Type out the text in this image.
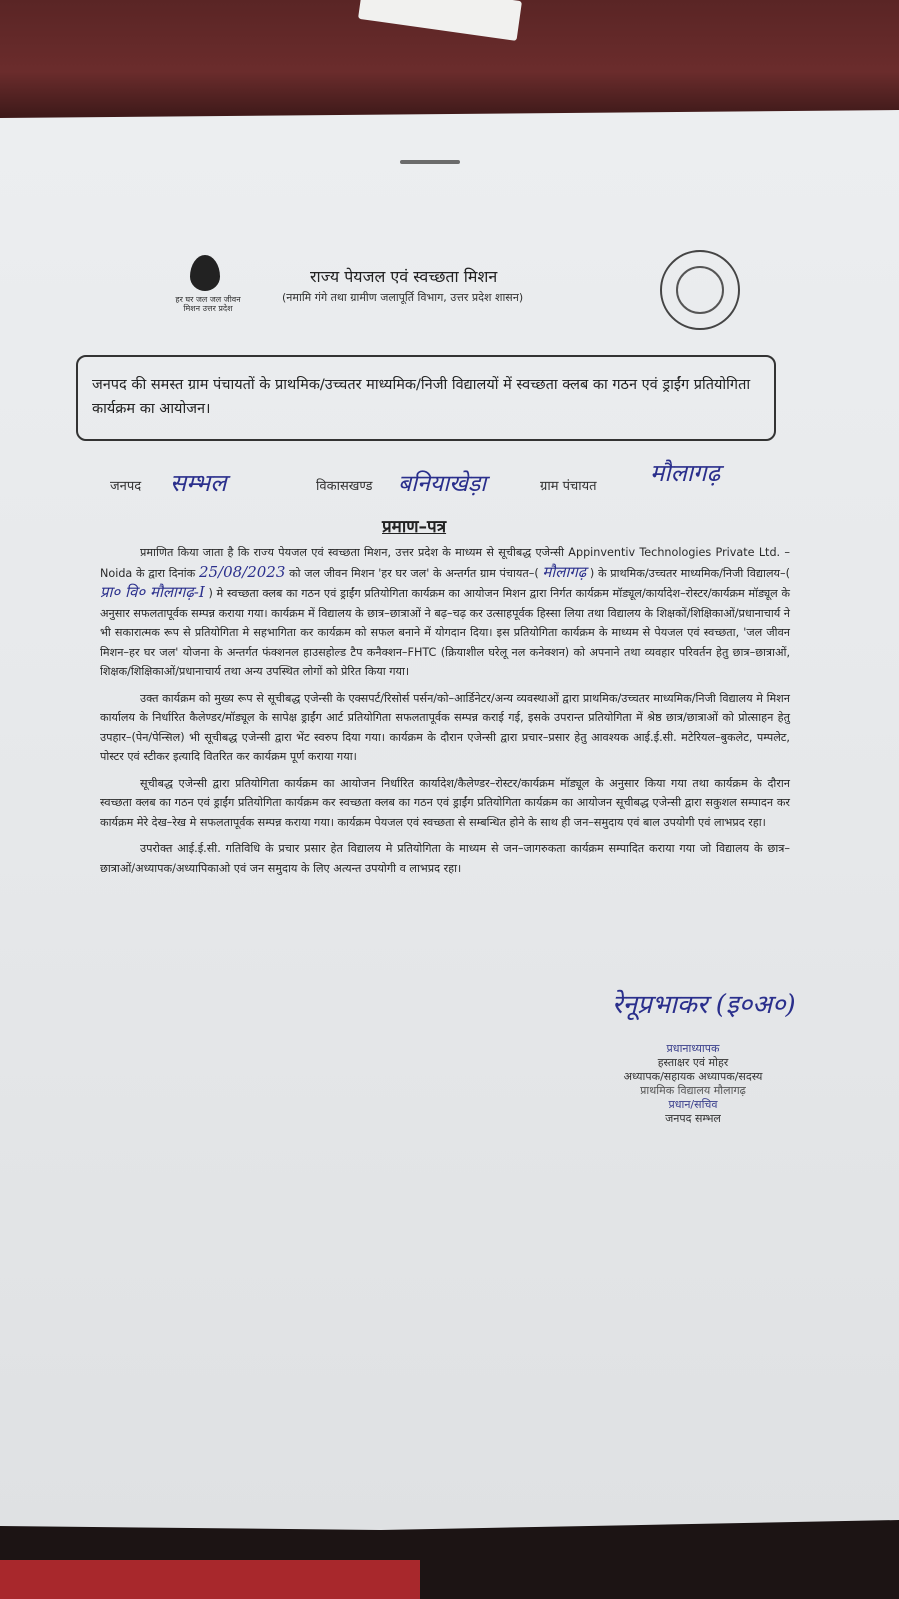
हर घर जल जल जीवन मिशन उत्तर प्रदेश
राज्य पेयजल एवं स्वच्छता मिशन
(नमामि गंगे तथा ग्रामीण जलापूर्ति विभाग, उत्तर प्रदेश शासन)
जनपद की समस्त ग्राम पंचायतों के प्राथमिक/उच्चतर माध्यमिक/निजी विद्यालयों में स्वच्छता क्लब का गठन एवं ड्राईंग प्रतियोगिता कार्यक्रम का आयोजन।
जनपद सम्भल	विकासखण्ड बनियाखेड़ा	ग्राम पंचायत मौलागढ़
प्रमाण–पत्र

प्रमाणित किया जाता है कि राज्य पेयजल एवं स्वच्छता मिशन, उत्तर प्रदेश के माध्यम से सूचीबद्ध एजेन्सी Appinventiv Technologies Private Ltd. – Noida के द्वारा दिनांक 25/08/2023 को जल जीवन मिशन 'हर घर जल' के अन्तर्गत ग्राम पंचायत–( मौलागढ़ ) के प्राथमिक/उच्चतर माध्यमिक/निजी विद्यालय–( प्रा० वि० मौलागढ़-I ) मे स्वच्छता क्लब का गठन एवं ड्राईंग प्रतियोगिता कार्यक्रम का आयोजन मिशन द्वारा निर्गत कार्यक्रम मॉड्यूल/कार्यादेश–रोस्टर/कार्यक्रम मॉड्यूल के अनुसार सफलतापूर्वक सम्पन्न कराया गया। कार्यक्रम में विद्यालय के छात्र–छात्राओं ने बढ़–चढ़ कर उत्साहपूर्वक हिस्सा लिया तथा विद्यालय के शिक्षकों/शिक्षिकाओं/प्रधानाचार्य ने भी सकारात्मक रूप से प्रतियोगिता मे सहभागिता कर कार्यक्रम को सफल बनाने में योगदान दिया। इस प्रतियोगिता कार्यक्रम के माध्यम से पेयजल एवं स्वच्छता, 'जल जीवन मिशन–हर घर जल' योजना के अन्तर्गत फंक्शनल हाउसहोल्ड टैप कनैक्शन–FHTC (क्रियाशील घरेलू नल कनेक्शन) को अपनाने तथा व्यवहार परिवर्तन हेतु छात्र–छात्राओं, शिक्षक/शिक्षिकाओं/प्रधानाचार्य तथा अन्य उपस्थित लोगों को प्रेरित किया गया।

उक्त कार्यक्रम को मुख्य रूप से सूचीबद्ध एजेन्सी के एक्सपर्ट/रिसोर्स पर्सन/को–आर्डिनेटर/अन्य व्यवस्थाओं द्वारा प्राथमिक/उच्चतर माध्यमिक/निजी विद्यालय मे मिशन कार्यालय के निर्धारित कैलेण्डर/मॉड्यूल के सापेक्ष ड्राईंग आर्ट प्रतियोगिता सफलतापूर्वक सम्पन्न कराई गई, इसके उपरान्त प्रतियोगिता में श्रेष्ठ छात्र/छात्राओं को प्रोत्साहन हेतु उपहार–(पेन/पेन्सिल) भी सूचीबद्ध एजेन्सी द्वारा भेंट स्वरुप दिया गया। कार्यक्रम के दौरान एजेन्सी द्वारा प्रचार–प्रसार हेतु आवश्यक आई.ई.सी. मटेरियल–बुकलेट, पम्पलेट, पोस्टर एवं स्टीकर इत्यादि वितरित कर कार्यक्रम पूर्ण कराया गया।

सूचीबद्ध एजेन्सी द्वारा प्रतियोगिता कार्यक्रम का आयोजन निर्धारित कार्यादेश/कैलेण्डर–रोस्टर/कार्यक्रम मॉड्यूल के अनुसार किया गया तथा कार्यक्रम के दौरान स्वच्छता क्लब का गठन एवं ड्राईंग प्रतियोगिता कार्यक्रम कर स्वच्छता क्लब का गठन एवं ड्राईंग प्रतियोगिता कार्यक्रम का आयोजन सूचीबद्ध एजेन्सी द्वारा सकुशल सम्पादन कर कार्यक्रम मेरे देख–रेख मे सफलतापूर्वक सम्पन्न कराया गया। कार्यक्रम पेयजल एवं स्वच्छता से सम्बन्धित होने के साथ ही जन–समुदाय एवं बाल उपयोगी एवं लाभप्रद रहा।

उपरोक्त आई.ई.सी. गतिविधि के प्रचार प्रसार हेत विद्यालय मे प्रतियोगिता के माध्यम से जन–जागरुकता कार्यक्रम सम्पादित कराया गया जो विद्यालय के छात्र–छात्राओं/अध्यापक/अध्यापिकाओ एवं जन समुदाय के लिए अत्यन्त उपयोगी व लाभप्रद रहा।

रेनूप्रभाकर (इ०अ०)
प्रधानाध्यापक
हस्ताक्षर एवं मोहर
अध्यापक/सहायक अध्यापक/सदस्य
प्राथमिक विद्यालय मौलागढ़
प्रधान/सचिव
जनपद सम्भल
